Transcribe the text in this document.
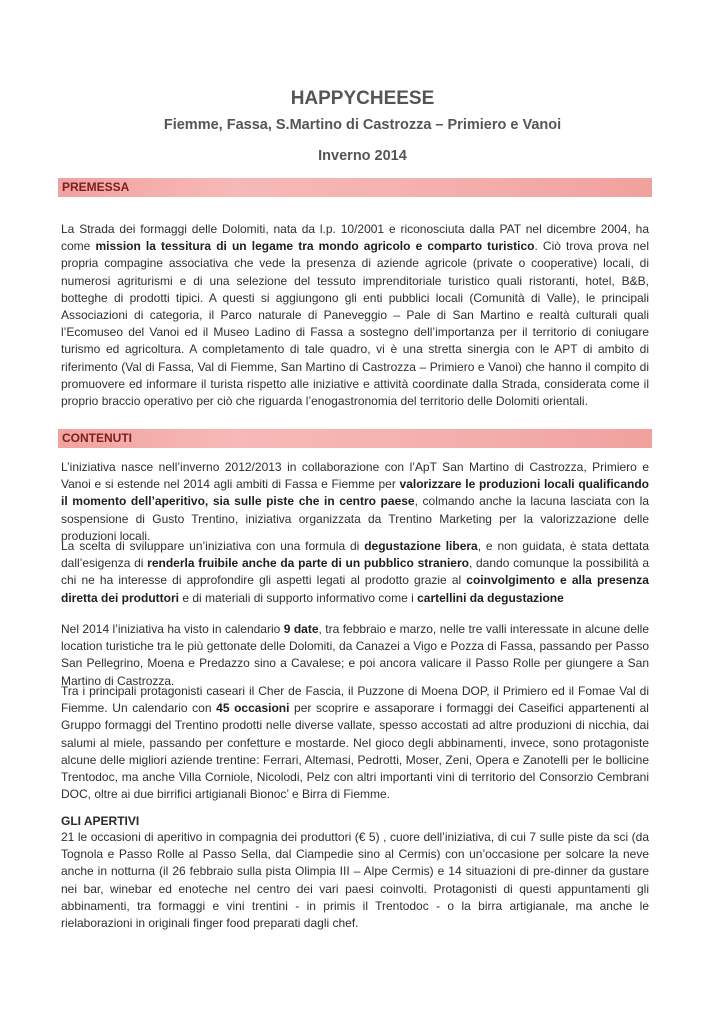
HAPPYCHEESE
Fiemme, Fassa, S.Martino di Castrozza – Primiero e Vanoi
Inverno 2014
PREMESSA
La Strada dei formaggi delle Dolomiti, nata da l.p. 10/2001 e riconosciuta dalla PAT nel dicembre 2004, ha come mission la tessitura di un legame tra mondo agricolo e comparto turistico. Ciò trova prova nel propria compagine associativa che vede la presenza di aziende agricole (private o cooperative) locali, di numerosi agriturismi e di una selezione del tessuto imprenditoriale turistico quali ristoranti, hotel, B&B, botteghe di prodotti tipici. A questi si aggiungono gli enti pubblici locali (Comunità di Valle), le principali Associazioni di categoria, il Parco naturale di Paneveggio – Pale di San Martino e realtà culturali quali l’Ecomuseo del Vanoi ed il Museo Ladino di Fassa a sostegno dell’importanza per il territorio di coniugare turismo ed agricoltura. A completamento di tale quadro, vi è una stretta sinergia con le APT di ambito di riferimento (Val di Fassa, Val di Fiemme, San Martino di Castrozza – Primiero e Vanoi) che hanno il compito di promuovere ed informare il turista rispetto alle iniziative e attività coordinate dalla Strada, considerata come il proprio braccio operativo per ciò che riguarda l’enogastronomia del territorio delle Dolomiti orientali.
CONTENUTI
L’iniziativa nasce nell’inverno 2012/2013 in collaborazione con l’ApT San Martino di Castrozza, Primiero e Vanoi e si estende nel 2014 agli ambiti di Fassa e Fiemme per valorizzare le produzioni locali qualificando il momento dell’aperitivo, sia sulle piste che in centro paese, colmando anche la lacuna lasciata con la sospensione di Gusto Trentino, iniziativa organizzata da Trentino Marketing per la valorizzazione delle produzioni locali.
La scelta di sviluppare un’iniziativa con una formula di degustazione libera, e non guidata, è stata dettata dall’esigenza di renderla fruibile anche da parte di un pubblico straniero, dando comunque la possibilità a chi ne ha interesse di approfondire gli aspetti legati al prodotto grazie al coinvolgimento e alla presenza diretta dei produttori e di materiali di supporto informativo come i cartellini da degustazione
Nel 2014 l’iniziativa ha visto in calendario 9 date, tra febbraio e marzo, nelle tre valli interessate in alcune delle location turistiche tra le più gettonate delle Dolomiti, da Canazei a Vigo e Pozza di Fassa, passando per Passo San Pellegrino, Moena e Predazzo sino a Cavalese; e poi ancora valicare il Passo Rolle per giungere a San Martino di Castrozza.
Tra i principali protagonisti caseari il Cher de Fascia, il Puzzone di Moena DOP, il Primiero ed il Fomae Val di Fiemme. Un calendario con 45 occasioni per scoprire e assaporare i formaggi dei Caseifici appartenenti al Gruppo formaggi del Trentino prodotti nelle diverse vallate, spesso accostati ad altre produzioni di nicchia, dai salumi al miele, passando per confetture e mostarde. Nel gioco degli abbinamenti, invece, sono protagoniste alcune delle migliori aziende trentine: Ferrari, Altemasi, Pedrotti, Moser, Zeni, Opera e Zanotelli per le bollicine Trentodoc, ma anche Villa Corniole, Nicolodi, Pelz con altri importanti vini di territorio del Consorzio Cembrani DOC, oltre ai due birrifici artigianali Bionoc’ e Birra di Fiemme.
GLI APERTIVI
21 le occasioni di aperitivo in compagnia dei produttori (€ 5) , cuore dell’iniziativa, di cui 7 sulle piste da sci (da Tognola e Passo Rolle al Passo Sella, dal Ciampedie sino al Cermis) con un’occasione per solcare la neve anche in notturna (il 26 febbraio sulla pista Olimpia III – Alpe Cermis) e 14 situazioni di pre-dinner da gustare nei bar, winebar ed enoteche nel centro dei vari paesi coinvolti. Protagonisti di questi appuntamenti gli abbinamenti, tra formaggi e vini trentini - in primis il Trentodoc - o la birra artigianale, ma anche le rielaborazioni in originali finger food preparati dagli chef.
